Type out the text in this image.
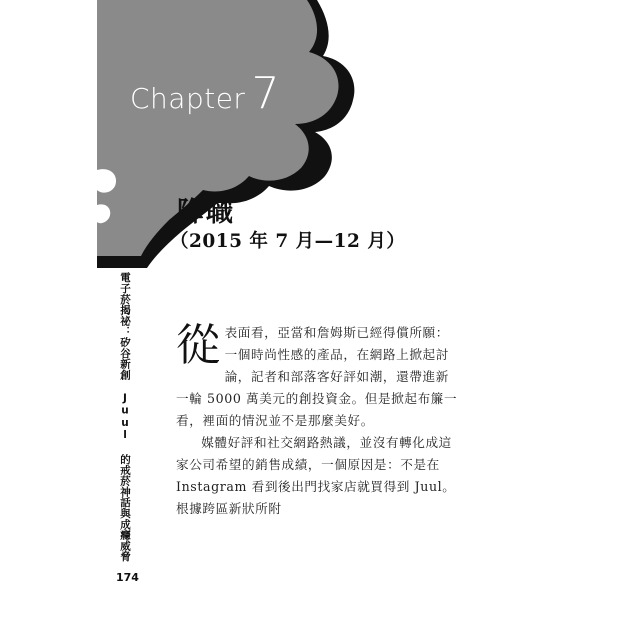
Chapter 7
降職
（2015 年 7 月—12 月）
電子菸揭祕：矽谷新創 Juul 的戒菸神話與成癮威脅 從表面看，亞當和詹姆斯已經得償所願：一個時尚性感的產品，在網路上掀起討論，記者和部落客好評如潮，還帶進新一輪 5000 萬美元的創投資金。但是掀起布簾一看，裡面的情況並不是那麼美好。

媒體好評和社交網路熱議，並沒有轉化成這家公司希望的銷售成績，一個原因是：不是在 Instagram 看到後出門找家店就買得到 Juul。根據跨區新狀所附

174
